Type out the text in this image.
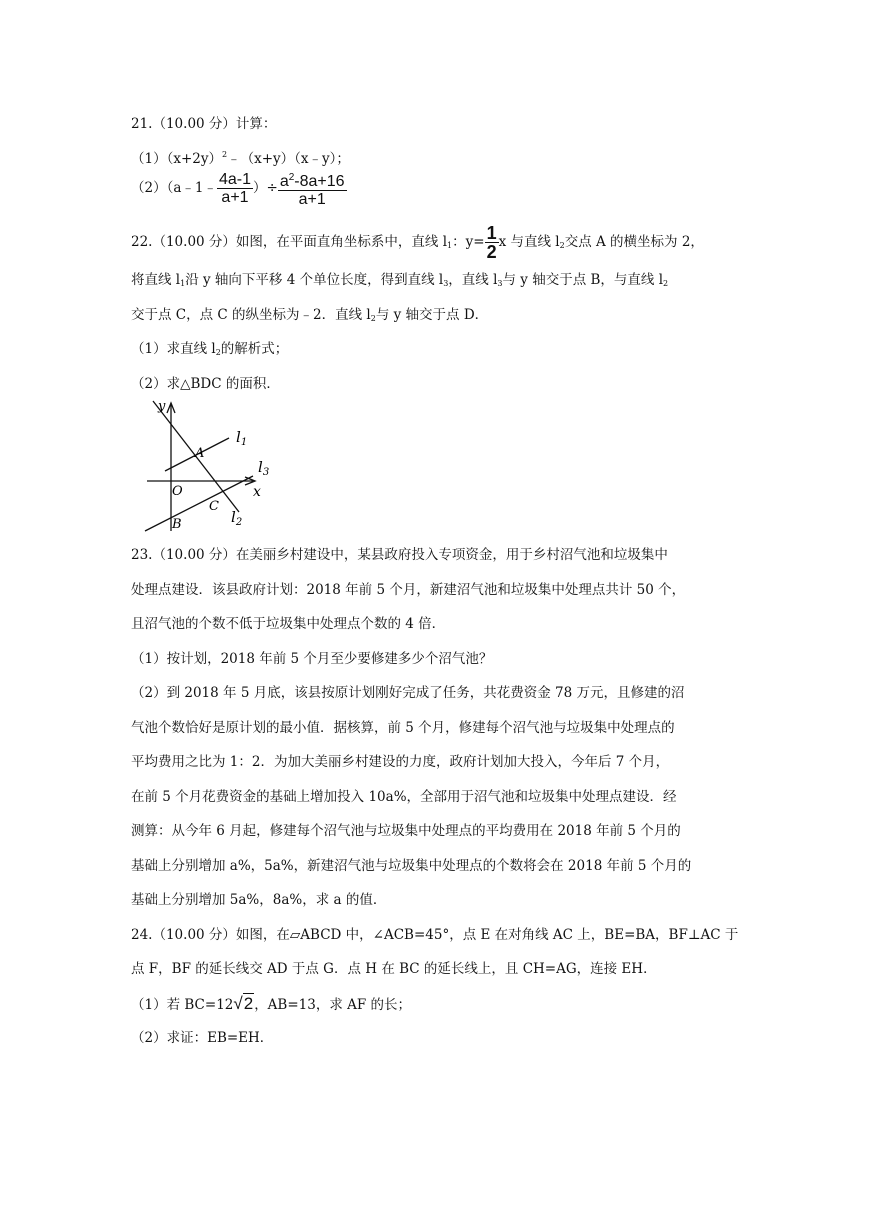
21.（10.00 分）计算：
$(1)(x+2y)^2﹣(x+y)(x﹣y)$；
（2）（a﹣1﹣ $\frac{4a-1}{a+1}$ ）÷ $\frac{a^2-8a+16}{a+1}$
22.（10.00 分）如图，在平面直角坐标系中，直线 $l_1$：$y= \frac{1}{2}$ x 与直线 $l_2$交点 A 的横坐标为 2，
将直线 $l_1$沿 y 轴向下平移 4 个单位长度，得到直线 $l_3$，直线 $l_3$与 y 轴交于点 B，与直线 $l_2$
交于点 C，点 C 的纵坐标为﹣2．直线 $l_2$与 y 轴交于点 D．
（1）求直线 $l_2$的解析式；
（2）求△BDC 的面积．
y
x
O
A
B
C
$l_1$
$l_3$
$l_2$
23.（10.00 分）在美丽乡村建设中，某县政府投入专项资金，用于乡村沼气池和垃圾集中
处理点建设．该县政府计划：2018 年前 5 个月，新建沼气池和垃圾集中处理点共计 50 个，
且沼气池的个数不低于垃圾集中处理点个数的 4 倍．
（1）按计划，2018 年前 5 个月至少要修建多少个沼气池？
（2）到 2018 年 5 月底，该县按原计划刚好完成了任务，共花费资金 78 万元，且修建的沼
气池个数恰好是原计划的最小值．据核算，前 5 个月，修建每个沼气池与垃圾集中处理点的
平均费用之比为 1：2．为加大美丽乡村建设的力度，政府计划加大投入，今年后 7 个月，
在前 5 个月花费资金的基础上增加投入 10a%，全部用于沼气池和垃圾集中处理点建设．经
测算：从今年 6 月起，修建每个沼气池与垃圾集中处理点的平均费用在 2018 年前 5 个月的
基础上分别增加 a%，5a%，新建沼气池与垃圾集中处理点的个数将会在 2018 年前 5 个月的
基础上分别增加 5a%，8a%，求 a 的值．
24.（10.00 分）如图，在▱ABCD 中，∠ACB=45°，点 E 在对角线 AC 上，BE=BA，BF⊥AC 于
点 F，BF 的延长线交 AD 于点 G．点 H 在 BC 的延长线上，且 CH=AG，连接 EH．
（1）若 BC=12√2，AB=13，求 AF 的长；
（2）求证：EB=EH．
